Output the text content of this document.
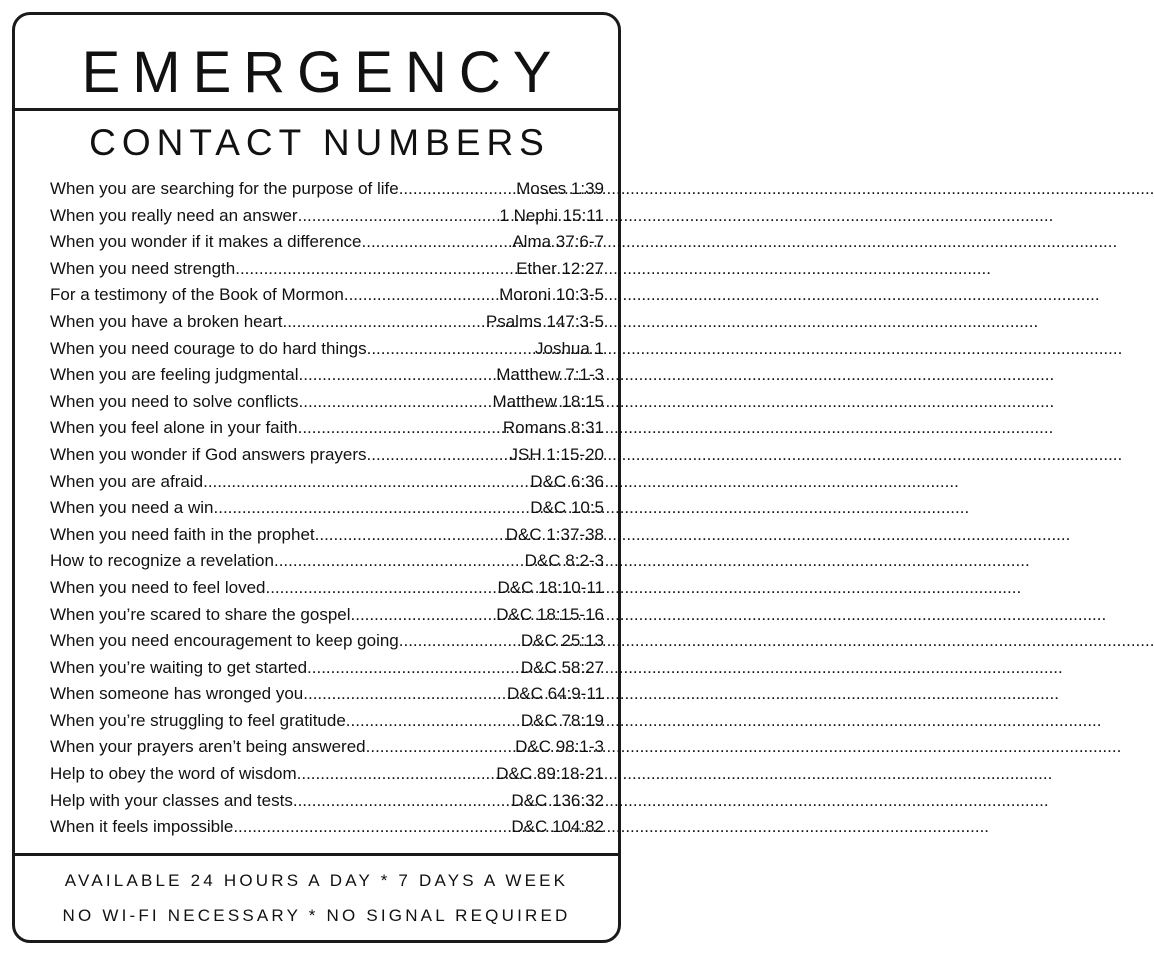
EMERGENCY
CONTACT NUMBERS
When you are searching for the purpose of life .....	Moses 1:39
When you really need an answer .....	1 Nephi 15:11
When you wonder if it makes a difference .....	Alma 37:6-7
When you need strength .....	Ether 12:27
For a testimony of the Book of Mormon .....	Moroni 10:3-5
When you have a broken heart .....	Psalms 147:3-5
When you need courage to do hard things .....	Joshua 1
When you are feeling judgmental .....	Matthew 7:1-3
When you need to solve conflicts .....	Matthew 18:15
When you feel alone in your faith .....	Romans 8:31
When you wonder if God answers prayers .....	JSH 1:15-20
When you are afraid .....	D&C 6:36
When you need a win .....	D&C 10:5
When you need faith in the prophet .....	D&C 1:37-38
How to recognize a revelation .....	D&C 8:2-3
When you need to feel loved .....	D&C 18:10-11
When you’re scared to share the gospel .....	D&C 18:15-16
When you need encouragement to keep going .....	D&C 25:13
When you’re waiting to get started .....	D&C 58:27
When someone has wronged you .....	D&C 64:9-11
When you’re struggling to feel gratitude .....	D&C 78:19
When your prayers aren’t being answered .....	D&C 98:1-3
Help to obey the word of wisdom .....	D&C 89:18-21
Help with your classes and tests .....	D&C 136:32
When it feels impossible .....	D&C 104:82
AVAILABLE 24 HOURS A DAY * 7 DAYS A WEEK
NO WI-FI NECESSARY * NO SIGNAL REQUIRED
